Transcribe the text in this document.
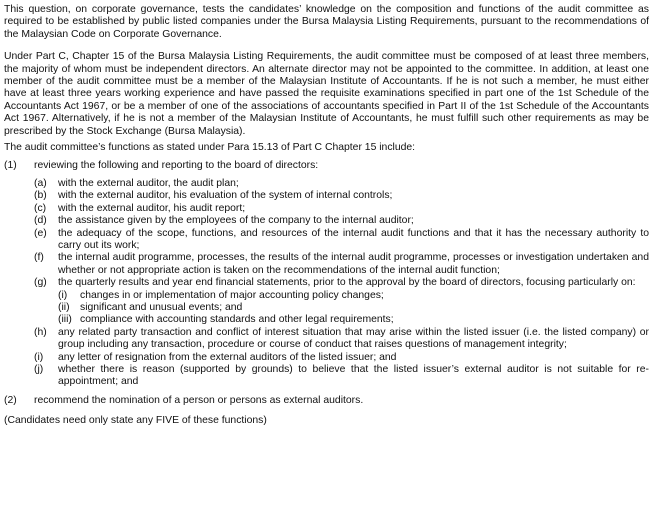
This question, on corporate governance, tests the candidates’ knowledge on the composition and functions of the audit committee as required to be established by public listed companies under the Bursa Malaysia Listing Requirements, pursuant to the recommendations of the Malaysian Code on Corporate Governance.

Under Part C, Chapter 15 of the Bursa Malaysia Listing Requirements, the audit committee must be composed of at least three members, the majority of whom must be independent directors. An alternate director may not be appointed to the committee. In addition, at least one member of the audit committee must be a member of the Malaysian Institute of Accountants. If he is not such a member, he must either have at least three years working experience and have passed the requisite examinations specified in part one of the 1st Schedule of the Accountants Act 1967, or be a member of one of the associations of accountants specified in Part II of the 1st Schedule of the Accountants Act 1967. Alternatively, if he is not a member of the Malaysian Institute of Accountants, he must fulfill such other requirements as may be prescribed by the Stock Exchange (Bursa Malaysia).

The audit committee’s functions as stated under Para 15.13 of Part C Chapter 15 include:

(1)	reviewing the following and reporting to the board of directors:
(a)	with the external auditor, the audit plan;
(b)	with the external auditor, his evaluation of the system of internal controls;
(c)	with the external auditor, his audit report;
(d)	the assistance given by the employees of the company to the internal auditor;
(e)	the adequacy of the scope, functions, and resources of the internal audit functions and that it has the necessary authority to carry out its work;
(f)	the internal audit programme, processes, the results of the internal audit programme, processes or investigation undertaken and whether or not appropriate action is taken on the recommendations of the internal audit function;
(g)	the quarterly results and year end financial statements, prior to the approval by the board of directors, focusing particularly on:
(i)	changes in or implementation of major accounting policy changes;
(ii)	significant and unusual events; and
(iii) compliance with accounting standards and other legal requirements;
(h)	any related party transaction and conflict of interest situation that may arise within the listed issuer (i.e. the listed company) or group including any transaction, procedure or course of conduct that raises questions of management integrity;
(i)	any letter of resignation from the external auditors of the listed issuer; and
(j)	whether there is reason (supported by grounds) to believe that the listed issuer’s external auditor is not suitable for re-appointment; and
(2)	recommend the nomination of a person or persons as external auditors.

(Candidates need only state any FIVE of these functions)
